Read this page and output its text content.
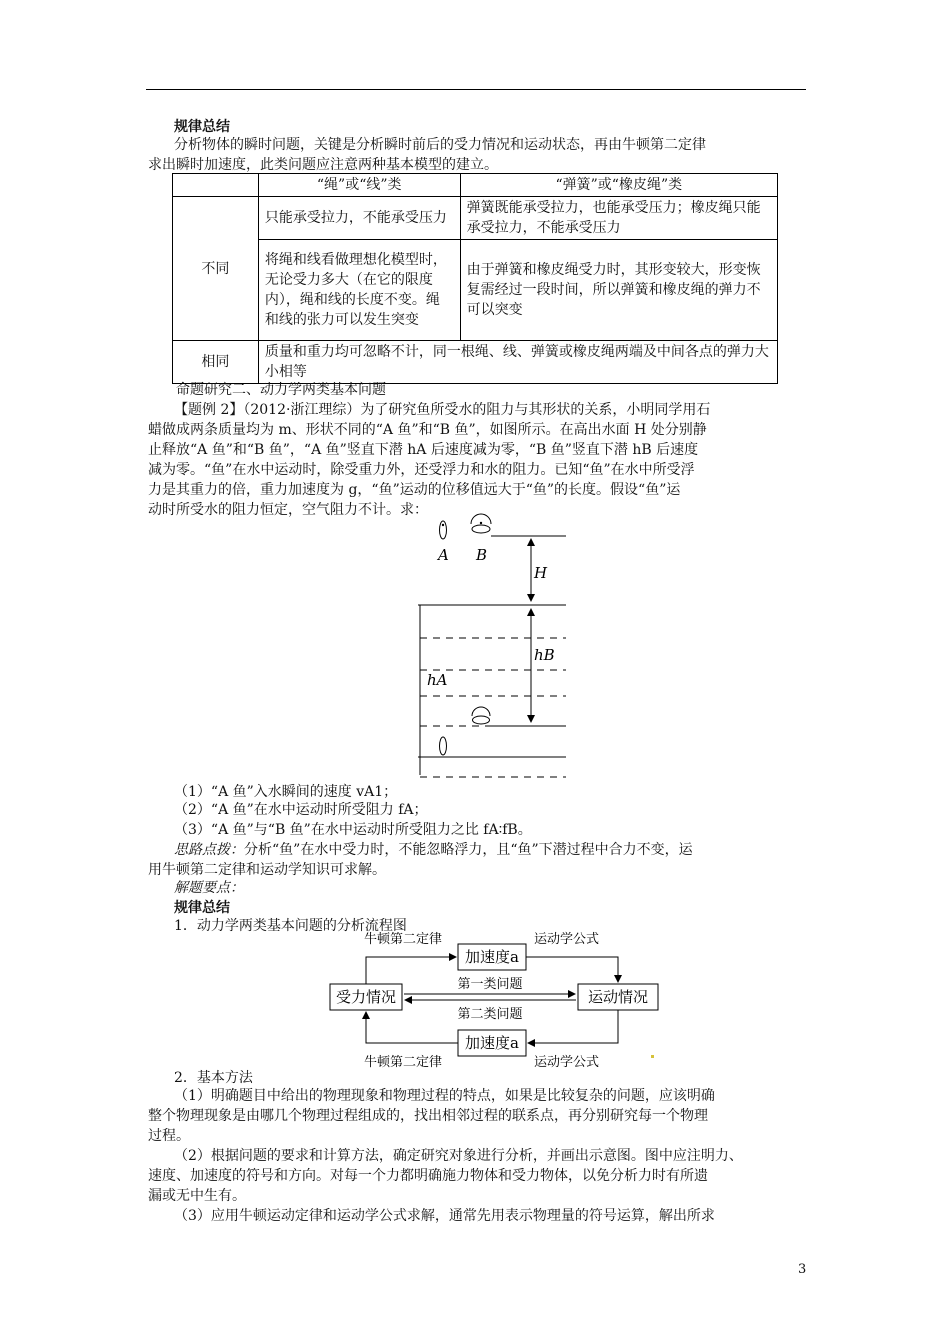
规律总结
分析物体的瞬时问题，关键是分析瞬时前后的受力情况和运动状态，再由牛顿第二定律
求出瞬时加速度，此类问题应注意两种基本模型的建立。
	“绳”或“线”类	“弹簧”或“橡皮绳”类
不同	只能承受拉力，不能承受压力	弹簧既能承受拉力，也能承受压力；橡皮绳只能承受拉力，不能承受压力
	将绳和线看做理想化模型时，无论受力多大（在它的限度内），绳和线的长度不变。绳和线的张力可以发生突变	由于弹簧和橡皮绳受力时，其形变较大，形变恢复需经过一段时间，所以弹簧和橡皮绳的弹力不可以突变
相同	质量和重力均可忽略不计，同一根绳、线、弹簧或橡皮绳两端及中间各点的弹力大小相等	
命题研究二、动力学两类基本问题
【题例 2】（2012·浙江理综）为了研究鱼所受水的阻力与其形状的关系，小明同学用石
蜡做成两条质量均为 m、形状不同的“A 鱼”和“B 鱼”，如图所示。在高出水面 H 处分别静
止释放“A 鱼”和“B 鱼”，“A 鱼”竖直下潜 hA 后速度减为零，“B 鱼”竖直下潜 hB 后速度
减为零。“鱼”在水中运动时，除受重力外，还受浮力和水的阻力。已知“鱼”在水中所受浮
力是其重力的倍，重力加速度为 g，“鱼”运动的位移值远大于“鱼”的长度。假设“鱼”运
动时所受水的阻力恒定，空气阻力不计。求：
A B
H
hB
hA
（1）“A 鱼”入水瞬间的速度 vA1；
（2）“A 鱼”在水中运动时所受阻力 fA；
（3）“A 鱼”与“B 鱼”在水中运动时所受阻力之比 fA∶fB。
思路点拨：分析“鱼”在水中受力时，不能忽略浮力，且“鱼”下潜过程中合力不变，运
用牛顿第二定律和运动学知识可求解。
解题要点：
规律总结
1．动力学两类基本问题的分析流程图
牛顿第二定律	运动学公式
加速度a
受力情况	运动情况
加速度a
第一类问题
第二类问题
牛顿第二定律	运动学公式
2．基本方法
（1）明确题目中给出的物理现象和物理过程的特点，如果是比较复杂的问题，应该明确
整个物理现象是由哪几个物理过程组成的，找出相邻过程的联系点，再分别研究每一个物理
过程。
（2）根据问题的要求和计算方法，确定研究对象进行分析，并画出示意图。图中应注明力、
速度、加速度的符号和方向。对每一个力都明确施力物体和受力物体，以免分析力时有所遗
漏或无中生有。
（3）应用牛顿运动定律和运动学公式求解，通常先用表示物理量的符号运算，解出所求
3
